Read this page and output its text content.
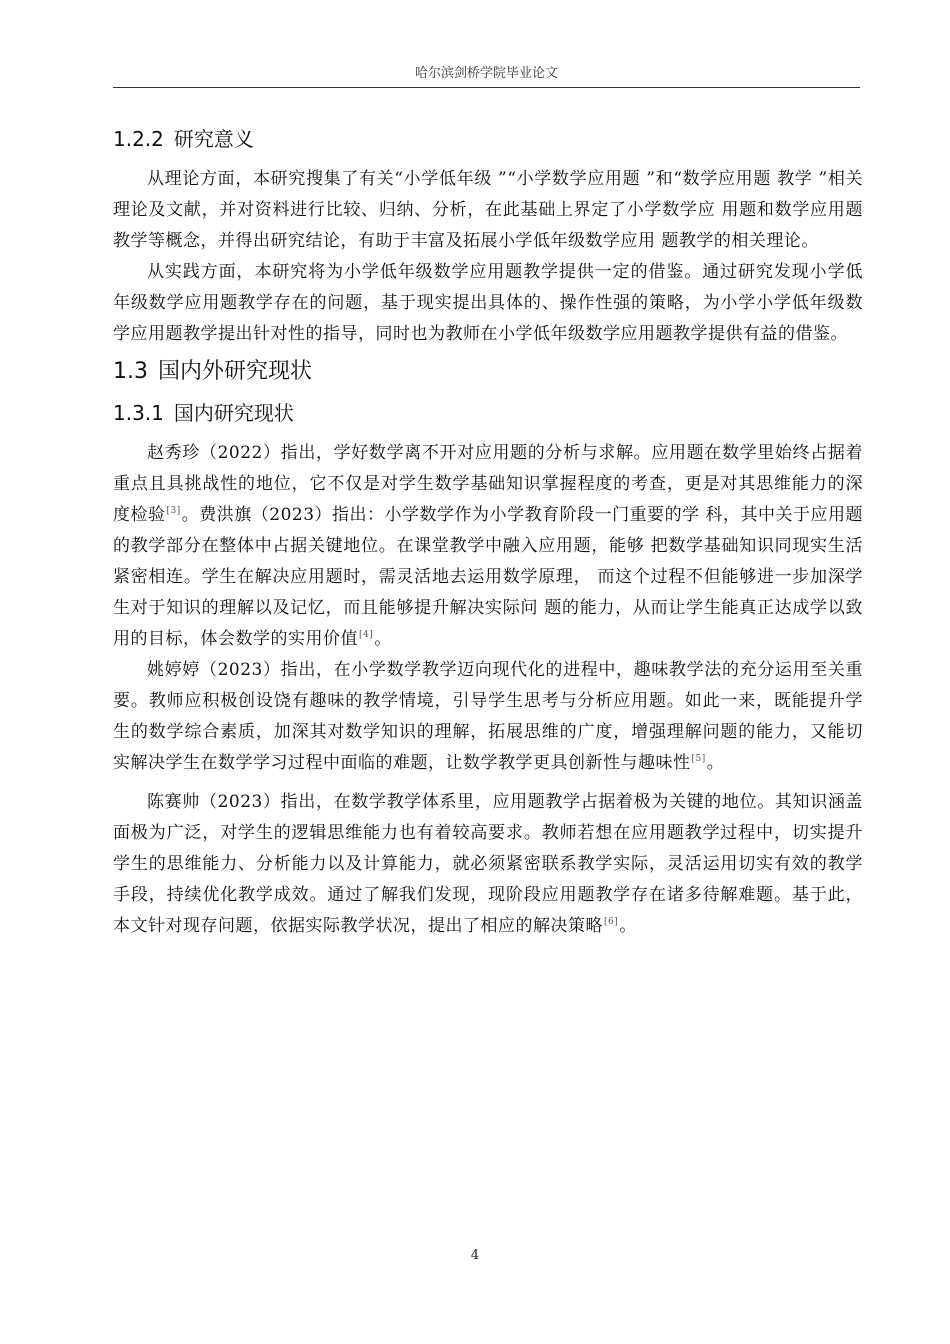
哈尔滨剑桥学院毕业论文
1.2.2 研究意义

从理论方面，本研究搜集了有关“小学低年级 ”“小学数学应用题 ”和“数学应用题 教学 ”相关理论及文献，并对资料进行比较、归纳、分析，在此基础上界定了小学数学应 用题和数学应用题教学等概念，并得出研究结论，有助于丰富及拓展小学低年级数学应用 题教学的相关理论。

从实践方面，本研究将为小学低年级数学应用题教学提供一定的借鉴。通过研究发现小学低年级数学应用题教学存在的问题，基于现实提出具体的、操作性强的策略，为小学小学低年级数学应用题教学提出针对性的指导，同时也为教师在小学低年级数学应用题教学提供有益的借鉴。

1.3 国内外研究现状
1.3.1 国内研究现状

赵秀珍（2022）指出，学好数学离不开对应用题的分析与求解。应用题在数学里始终占据着重点且具挑战性的地位，它不仅是对学生数学基础知识掌握程度的考查，更是对其思维能力的深度检验[3]。费洪旗（2023）指出：小学数学作为小学教育阶段一门重要的学 科，其中关于应用题的教学部分在整体中占据关键地位。在课堂教学中融入应用题，能够 把数学基础知识同现实生活紧密相连。学生在解决应用题时，需灵活地去运用数学原理， 而这个过程不但能够进一步加深学生对于知识的理解以及记忆，而且能够提升解决实际问 题的能力，从而让学生能真正达成学以致用的目标，体会数学的实用价值[4]。

姚婷婷（2023）指出，在小学数学教学迈向现代化的进程中，趣味教学法的充分运用至关重要。教师应积极创设饶有趣味的教学情境，引导学生思考与分析应用题。如此一来，既能提升学生的数学综合素质，加深其对数学知识的理解，拓展思维的广度，增强理解问题的能力，又能切实解决学生在数学学习过程中面临的难题，让数学教学更具创新性与趣味性[5]。

陈赛帅（2023）指出，在数学教学体系里，应用题教学占据着极为关键的地位。其知识涵盖面极为广泛，对学生的逻辑思维能力也有着较高要求。教师若想在应用题教学过程中，切实提升学生的思维能力、分析能力以及计算能力，就必须紧密联系教学实际，灵活运用切实有效的教学手段，持续优化教学成效。通过了解我们发现，现阶段应用题教学存在诸多待解难题。基于此，本文针对现存问题，依据实际教学状况，提出了相应的解决策略[6]。

4
